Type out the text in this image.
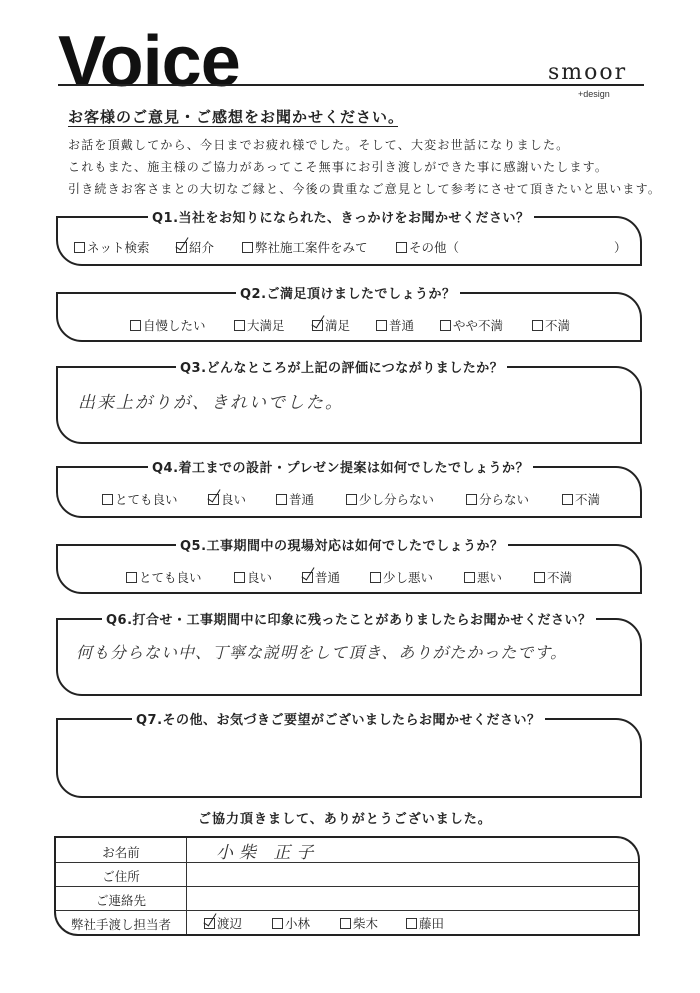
Voice	smoor
+design
お客様のご意見・ご感想をお聞かせください。
お話を頂戴してから、今日までお疲れ様でした。そして、大変お世話になりました。
これもまた、施主様のご協力があってこそ無事にお引き渡しができた事に感謝いたします。
引き続きお客さまとの大切なご縁と、今後の貴重なご意見として参考にさせて頂きたいと思います。
Q1.当社をお知りになられた、きっかけをお聞かせください？
ネット検索	紹介	弊社施工案件をみて	その他（	）
Q2.ご満足頂けましたでしょうか？
自慢したい	大満足	満足	普通	やや不満	不満
Q3.どんなところが上記の評価につながりましたか？
出来上がりが、きれいでした。
Q4.着工までの設計・プレゼン提案は如何でしたでしょうか？
とても良い	良い	普通	少し分らない	分らない	不満
Q5.工事期間中の現場対応は如何でしたでしょうか？
とても良い	良い	普通	少し悪い	悪い	不満
Q6.打合せ・工事期間中に印象に残ったことがありましたらお聞かせください？
何も分らない中、丁寧な説明をして頂き、ありがたかったです。
Q7.その他、お気づきご要望がございましたらお聞かせください？
ご協力頂きまして、ありがとうございました。
お名前	小柴 正子
ご住所
ご連絡先
弊社手渡し担当者	渡辺	小林	柴木	藤田
